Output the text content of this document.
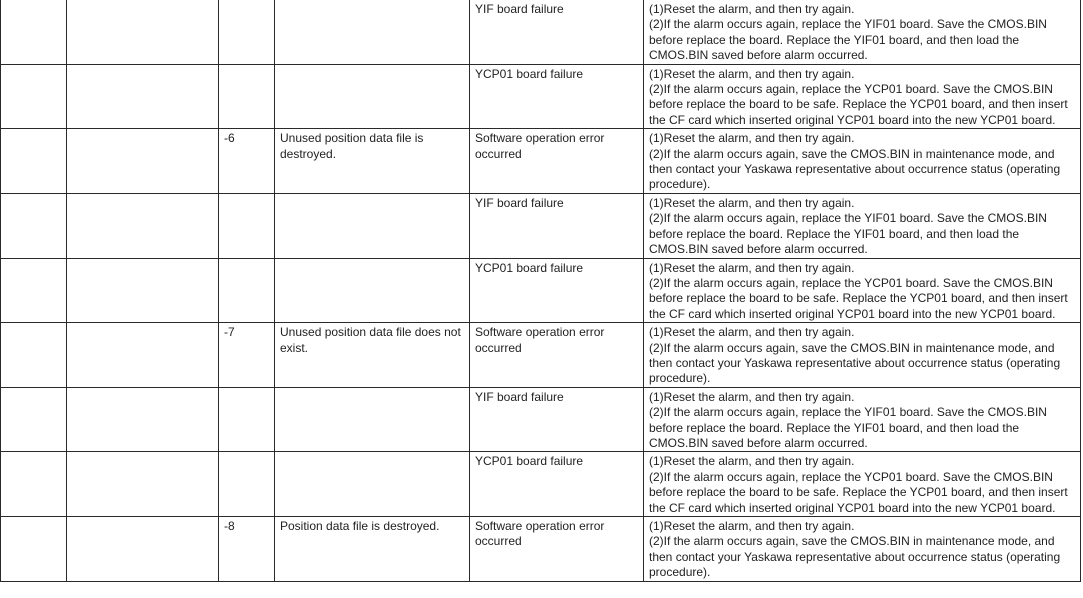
				YIF board failure	(1)Reset the alarm, and then try again.
(2)If the alarm occurs again, replace the YIF01 board. Save the CMOS.BIN
before replace the board. Replace the YIF01 board, and then load the
CMOS.BIN saved before alarm occurred.

				YCP01 board failure	(1)Reset the alarm, and then try again.
(2)If the alarm occurs again, replace the YCP01 board. Save the CMOS.BIN
before replace the board to be safe. Replace the YCP01 board, and then insert
the CF card which inserted original YCP01 board into the new YCP01 board.

		-6	Unused position data file is destroyed.	Software operation error occurred	(1)Reset the alarm, and then try again.
(2)If the alarm occurs again, save the CMOS.BIN in maintenance mode, and
then contact your Yaskawa representative about occurrence status (operating
procedure).

				YIF board failure	(1)Reset the alarm, and then try again.
(2)If the alarm occurs again, replace the YIF01 board. Save the CMOS.BIN
before replace the board. Replace the YIF01 board, and then load the
CMOS.BIN saved before alarm occurred.

				YCP01 board failure	(1)Reset the alarm, and then try again.
(2)If the alarm occurs again, replace the YCP01 board. Save the CMOS.BIN
before replace the board to be safe. Replace the YCP01 board, and then insert
the CF card which inserted original YCP01 board into the new YCP01 board.

		-7	Unused position data file does not exist.	Software operation error occurred	(1)Reset the alarm, and then try again.
(2)If the alarm occurs again, save the CMOS.BIN in maintenance mode, and
then contact your Yaskawa representative about occurrence status (operating
procedure).

				YIF board failure	(1)Reset the alarm, and then try again.
(2)If the alarm occurs again, replace the YIF01 board. Save the CMOS.BIN
before replace the board. Replace the YIF01 board, and then load the
CMOS.BIN saved before alarm occurred.

				YCP01 board failure	(1)Reset the alarm, and then try again.
(2)If the alarm occurs again, replace the YCP01 board. Save the CMOS.BIN
before replace the board to be safe. Replace the YCP01 board, and then insert
the CF card which inserted original YCP01 board into the new YCP01 board.

		-8	Position data file is destroyed.	Software operation error occurred	(1)Reset the alarm, and then try again.
(2)If the alarm occurs again, save the CMOS.BIN in maintenance mode, and
then contact your Yaskawa representative about occurrence status (operating
procedure).
